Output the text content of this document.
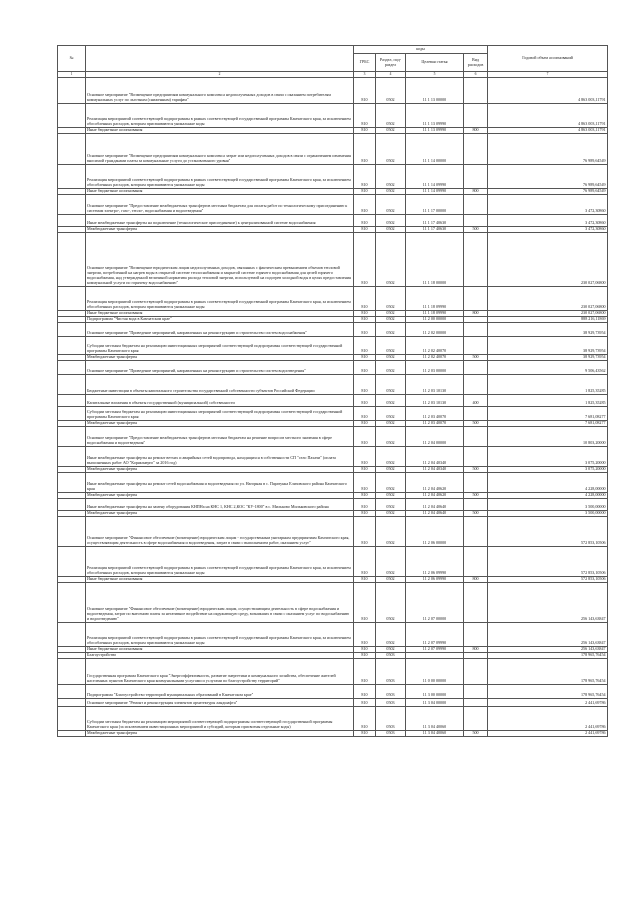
№		коды				Годовой объем ассигнований
		ГРБС	Раздел, под-раздел	Целевая статья	Вид расходов	
1	2	3	4	5	6	7
	Основное мероприятие "Возмещение предприятиям коммунального комплекса недополученных доходов в связи с оказанием потребителям коммунальных услуг по льготным (сниженным) тарифам"	810	0502	11 1 13 00000		4 863 003,11791
	Реализация мероприятий соответствующей подпрограммы в рамках соответствующей государственной программы Камчатского края, за исключением обособленных расходов, которым присваиваются уникальные коды	810	0502	11 1 13 09990		4 863 003,11791
	Иные бюджетные ассигнования	810	0502	11 1 13 09990	800	4 863 003,11791
	Основное мероприятие "Возмещение предприятиям коммунального комплекса затрат или недополученных доходов в связи с ограничением изменения вносимой гражданами платы за коммунальные услуги до установленного уровня"	810	0502	11 1 14 00000		76 989,64549
	Реализация мероприятий соответствующей подпрограммы в рамках соответствующей государственной программы Камчатского края, за исключением обособленных расходов, которым присваиваются уникальные коды	810	0502	11 1 14 09990		76 989,64549
	Иные бюджетные ассигнования	810	0502	11 1 14 09990	800	76 989,64549
	Основное мероприятие "Предоставление межбюджетных трансфертов местным бюджетам для оплаты работ по технологическому присоединению к системам электро-, газо-, тепло-, водоснабжения и водоотведения"	810	0502	11 1 17 00000		3 472,30860
	Иные межбюджетные трансферты на подключение (технологическое присоединение) к централизованной системе водоснабжения	810	0502	11 1 17 40630		3 472,30860
	Межбюджетные трансферты	810	0502	11 1 17 40630	500	3 472,30860
	Основное мероприятие "Возмещение юридическим лицам недополученных доходов, связанных с фактическим превышением объемов тепловой энергии, потребленной на нагрев воды в открытой системе теплоснабжения и закрытой системе горячего водоснабжения для целей горячего водоснабжения, над утвержденной величиной норматива расхода тепловой энергии, используемой на подогрев холодной воды в целях предоставления коммунальной услуги по горячему водоснабжению"	810	0502	11 1 18 00000		230 027,06800
	Реализация мероприятий соответствующей подпрограммы в рамках соответствующей государственной программы Камчатского края, за исключением обособленных расходов, которым присваиваются уникальные коды	810	0502	11 1 18 09990		230 027,06800
	Иные бюджетные ассигнования	810	0502	11 1 18 09990	800	230 027,06800
	Подпрограмма "Чистая вода в Камчатском крае"	810	0502	11 2 00 00000		888 216,11869
	Основное мероприятие "Проведение мероприятий, направленных на реконструкцию и строительство систем водоснабжения"	810	0502	11 2 02 00000		38 929,73954
	Субсидии местным бюджетам на реализацию инвестиционных мероприятий соответствующей подпрограммы соответствующей государственной программы Камчатского края	810	0502	11 2 02 40070		38 929,73954
	Межбюджетные трансферты	810	0502	11 2 02 40070	500	38 929,73954
	Основное мероприятие "Проведение мероприятий, направленных на реконструкцию и строительство систем водоотведения"	810	0502	11 2 03 00000		9 506,43562
	Бюджетные инвестиции в объекты капитального строительства государственной собственности субъектов Российской Федерации	810	0502	11 2 03 10130		1 825,35285
	Капитальные вложения в объекты государственной (муниципальной) собственности	810	0502	11 2 03 10130	400	1 825,35285
	Субсидии местным бюджетам на реализацию инвестиционных мероприятий соответствующей подпрограммы соответствующей государственной программы Камчатского края	810	0502	11 2 03 40070		7 681,08277
	Межбюджетные трансферты	810	0502	11 2 03 40070	500	7 681,08277
	Основное мероприятие "Предоставление межбюджетных трансфертов местным бюджетам на решение вопросов местного значения в сфере водоснабжения и водоотведения"	810	0502	11 2 04 00000		10 803,20000
	Иные межбюджетные трансферты на ремонт ветхих и аварийных сетей водопровода, находящихся в собственности СП "село Пахачи" (оплата выполненных работ АО "Корякэнерго" за 2016 год)	810	0502	11 2 04 40340		3 075,20000
	Межбюджетные трансферты	810	0502	11 2 04 40340	500	3 075,20000
	Иные межбюджетные трансферты на ремонт сетей водоснабжения и водоотведения по ул. Нагорная в с. Паратунка Елизовского района Камчатского края	810	0502	11 2 04 40620		4 228,00000
	Межбюджетные трансферты	810	0502	11 2 04 40620	500	4 228,00000
	Иные межбюджетные трансферты на замену оборудования КНПНа на КНС 1, КНС 2,КОС "КУ-1800" в с. Мильково Мильковского района	810	0502	11 2 04 40640		3 500,00000
	Межбюджетные трансферты	810	0502	11 2 04 40640	500	3 500,00000
	Основное мероприятие "Финансовое обеспечение (возмещение) юридическим лицам - государственным унитарным предприятиям Камчатского края, осуществляющим деятельность в сфере водоснабжения и водоотведения, затрат в связи с выполнением работ, оказанием услуг"	810	0502	11 2 06 00000		572 853,10506
	Реализация мероприятий соответствующей подпрограммы в рамках соответствующей государственной программы Камчатского края, за исключением обособленных расходов, которым присваиваются уникальные коды	810	0502	11 2 06 09990		572 853,10506
	Иные бюджетные ассигнования	810	0502	11 2 06 09990	800	572 853,10506
	Основное мероприятие "Финансовое обеспечение (возмещение) юридическим лицам, осуществляющим деятельность в сфере водоснабжения и водоотведения, затрат по внесению платы за негативное воздействие на окружающую среду, возникших в связи с оказанием услуг по водоснабжению и водоотведению"	810	0502	11 2 07 00000		256 143,63847
	Реализация мероприятий соответствующей подпрограммы в рамках соответствующей государственной программы Камчатского края, за исключением обособленных расходов, которым присваиваются уникальные коды	810	0502	11 2 07 09990		256 143,63847
	Иные бюджетные ассигнования	810	0502	11 2 07 09990	800	256 143,63847
	Благоустройство	810	0503			178 965,76454
	Государственная программа Камчатского края "Энергоэффективность, развитие энергетики и коммунального хозяйства, обеспечение жителей населенных пунктов Камчатского края коммунальными услугами и услугами по благоустройству территорий"	810	0503	11 0 00 00000		178 965,76454
	Подпрограмма "Благоустройство территорий муниципальных образований в Камчатском крае"	810	0503	11 3 00 00000		178 965,76454
	Основное мероприятие "Ремонт и реконструкция элементов архитектуры ландшафта"	810	0503	11 3 04 00000		2 441,69786
	Субсидии местным бюджетам на реализацию мероприятий соответствующей подпрограммы соответствующей государственной программы Камчатского края (за исключением инвестиционных мероприятий и субсидий, которым присвоены отдельные коды)	810	0503	11 3 04 40060		2 441,69786
	Межбюджетные трансферты	810	0503	11 3 04 40060	500	2 441,69786
